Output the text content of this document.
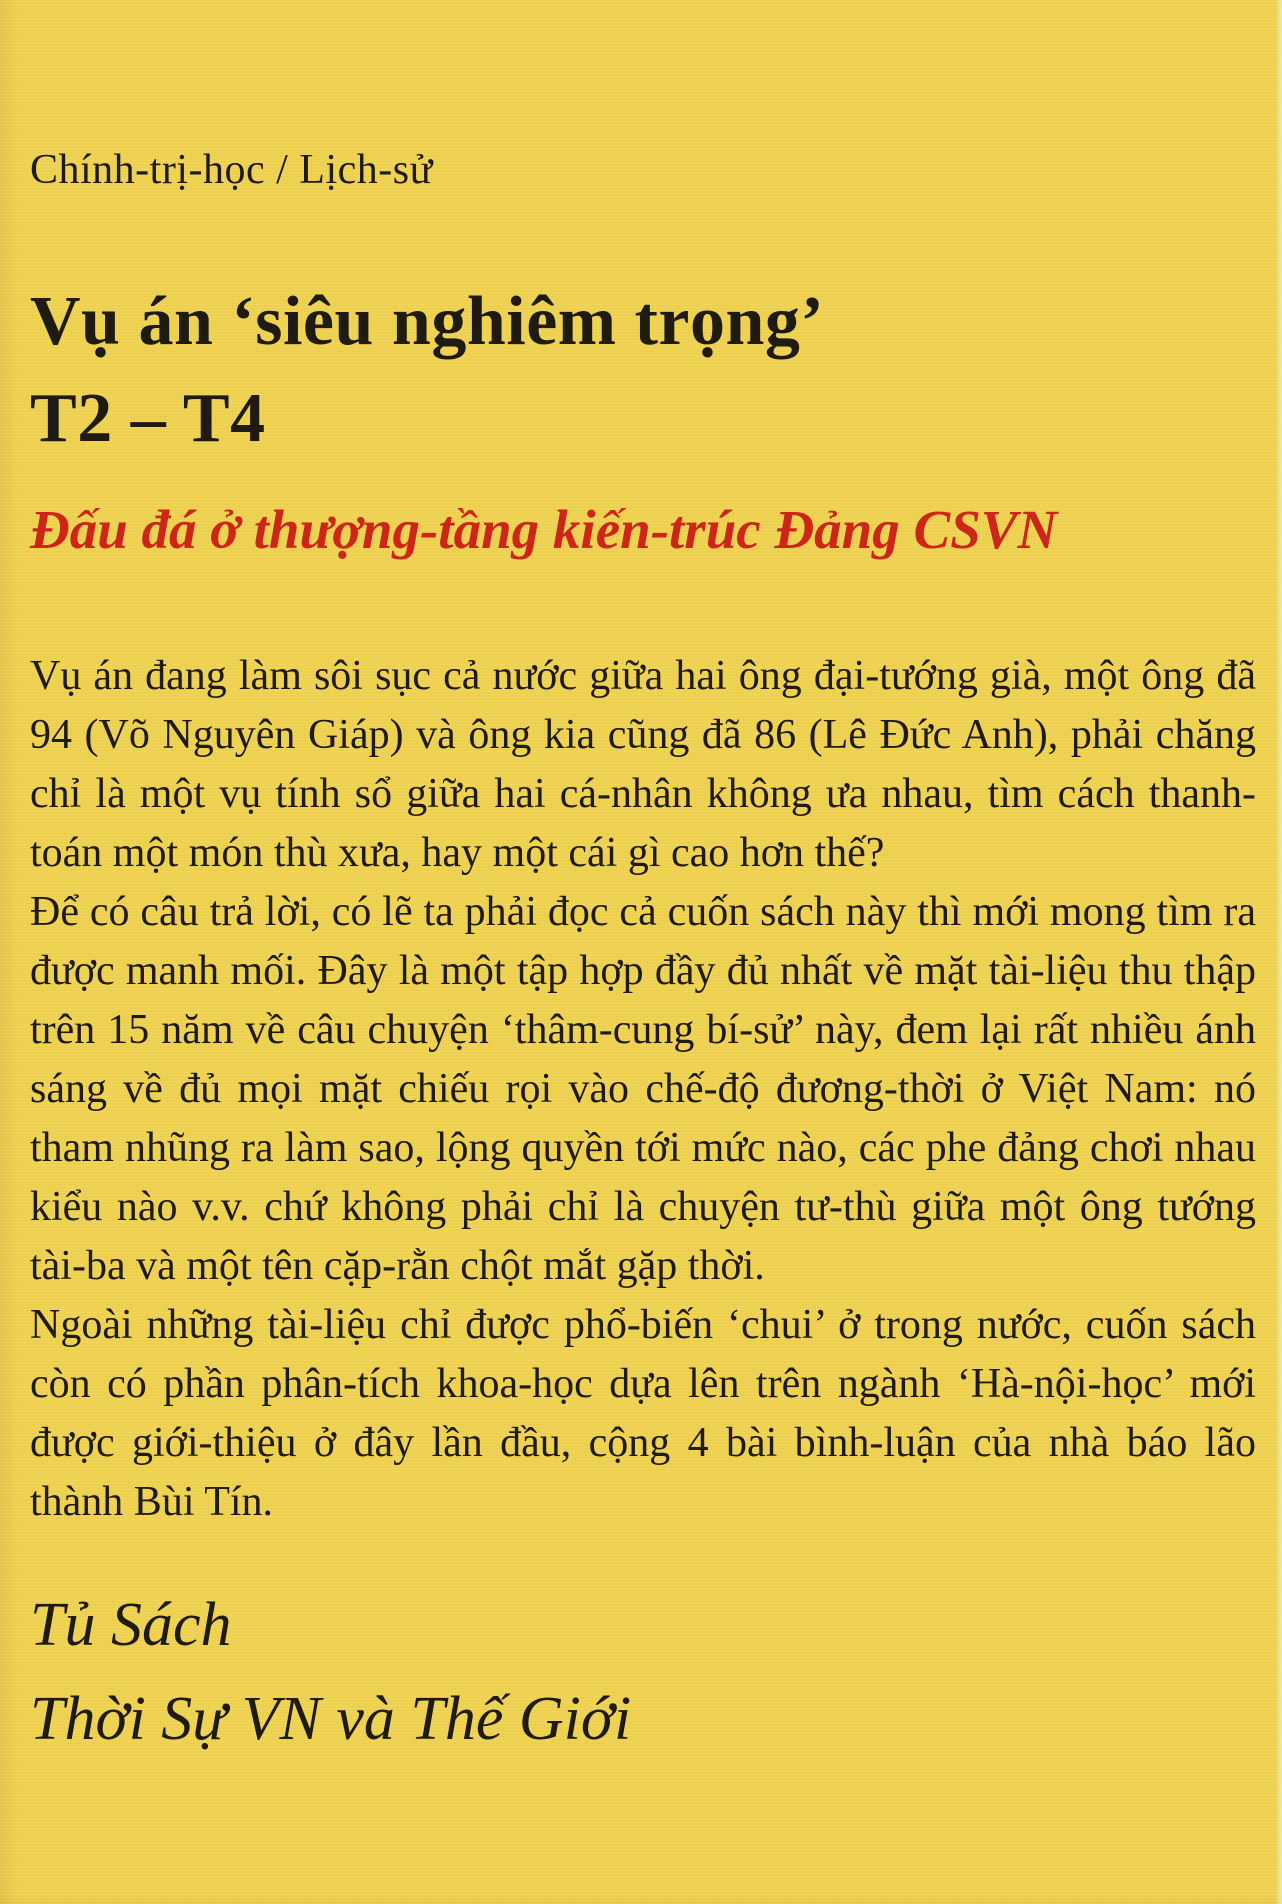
Chính-trị-học / Lịch-sử

Vụ án ‘siêu nghiêm trọng’
T2 – T4
Đấu đá ở thượng-tầng kiến-trúc Đảng CSVN

Vụ án đang làm sôi sục cả nước giữa hai ông đại-tướng già, một ông đã 94 (Võ Nguyên Giáp) và ông kia cũng đã 86 (Lê Đức Anh), phải chăng chỉ là một vụ tính sổ giữa hai cá-nhân không ưa nhau, tìm cách thanh-toán một món thù xưa, hay một cái gì cao hơn thế?

Để có câu trả lời, có lẽ ta phải đọc cả cuốn sách này thì mới mong tìm ra được manh mối. Đây là một tập hợp đầy đủ nhất về mặt tài-liệu thu thập trên 15 năm về câu chuyện ‘thâm-cung bí-sử’ này, đem lại rất nhiều ánh sáng về đủ mọi mặt chiếu rọi vào chế-độ đương-thời ở Việt Nam: nó tham nhũng ra làm sao, lộng quyền tới mức nào, các phe đảng chơi nhau kiểu nào v.v. chứ không phải chỉ là chuyện tư-thù giữa một ông tướng tài-ba và một tên cặp-rằn chột mắt gặp thời.

Ngoài những tài-liệu chỉ được phổ-biến ‘chui’ ở trong nước, cuốn sách còn có phần phân-tích khoa-học dựa lên trên ngành ‘Hà-nội-học’ mới được giới-thiệu ở đây lần đầu, cộng 4 bài bình-luận của nhà báo lão thành Bùi Tín.

Tủ Sách
Thời Sự VN và Thế Giới
